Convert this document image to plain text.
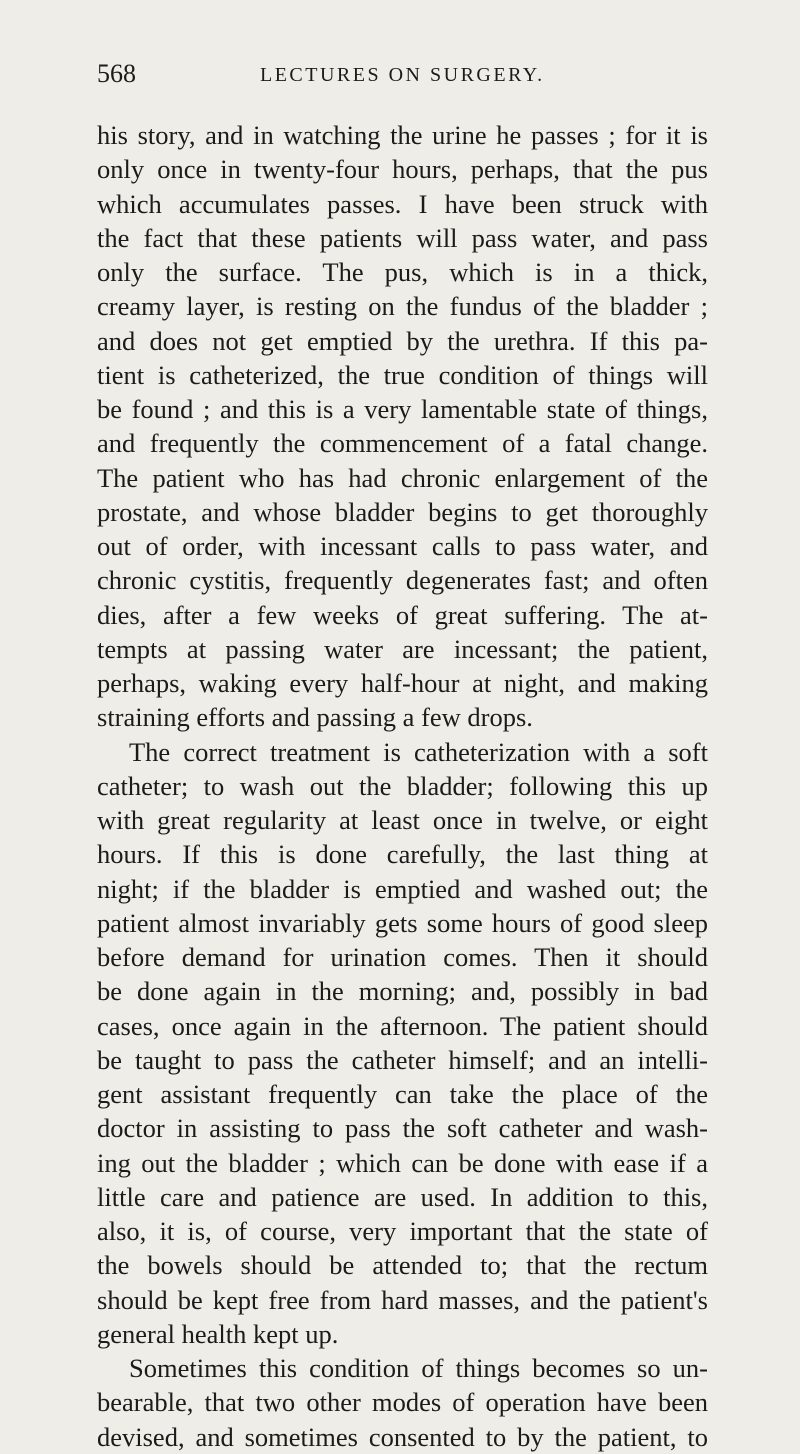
568	LECTURES ON SURGERY.
his story, and in watching the urine he passes ; for it is
only once in twenty-four hours, perhaps, that the pus
which accumulates passes. I have been struck with
the fact that these patients will pass water, and pass
only the surface. The pus, which is in a thick,
creamy layer, is resting on the fundus of the bladder ;
and does not get emptied by the urethra. If this pa-
tient is catheterized, the true condition of things will
be found ; and this is a very lamentable state of things,
and frequently the commencement of a fatal change.
The patient who has had chronic enlargement of the
prostate, and whose bladder begins to get thoroughly
out of order, with incessant calls to pass water, and
chronic cystitis, frequently degenerates fast; and often
dies, after a few weeks of great suffering. The at-
tempts at passing water are incessant; the patient,
perhaps, waking every half-hour at night, and making
straining efforts and passing a few drops.
The correct treatment is catheterization with a soft
catheter; to wash out the bladder; following this up
with great regularity at least once in twelve, or eight
hours. If this is done carefully, the last thing at
night; if the bladder is emptied and washed out; the
patient almost invariably gets some hours of good sleep
before demand for urination comes. Then it should
be done again in the morning; and, possibly in bad
cases, once again in the afternoon. The patient should
be taught to pass the catheter himself; and an intelli-
gent assistant frequently can take the place of the
doctor in assisting to pass the soft catheter and wash-
ing out the bladder ; which can be done with ease if a
little care and patience are used. In addition to this,
also, it is, of course, very important that the state of
the bowels should be attended to; that the rectum
should be kept free from hard masses, and the patient's
general health kept up.
Sometimes this condition of things becomes so un-
bearable, that two other modes of operation have been
devised, and sometimes consented to by the patient, to
